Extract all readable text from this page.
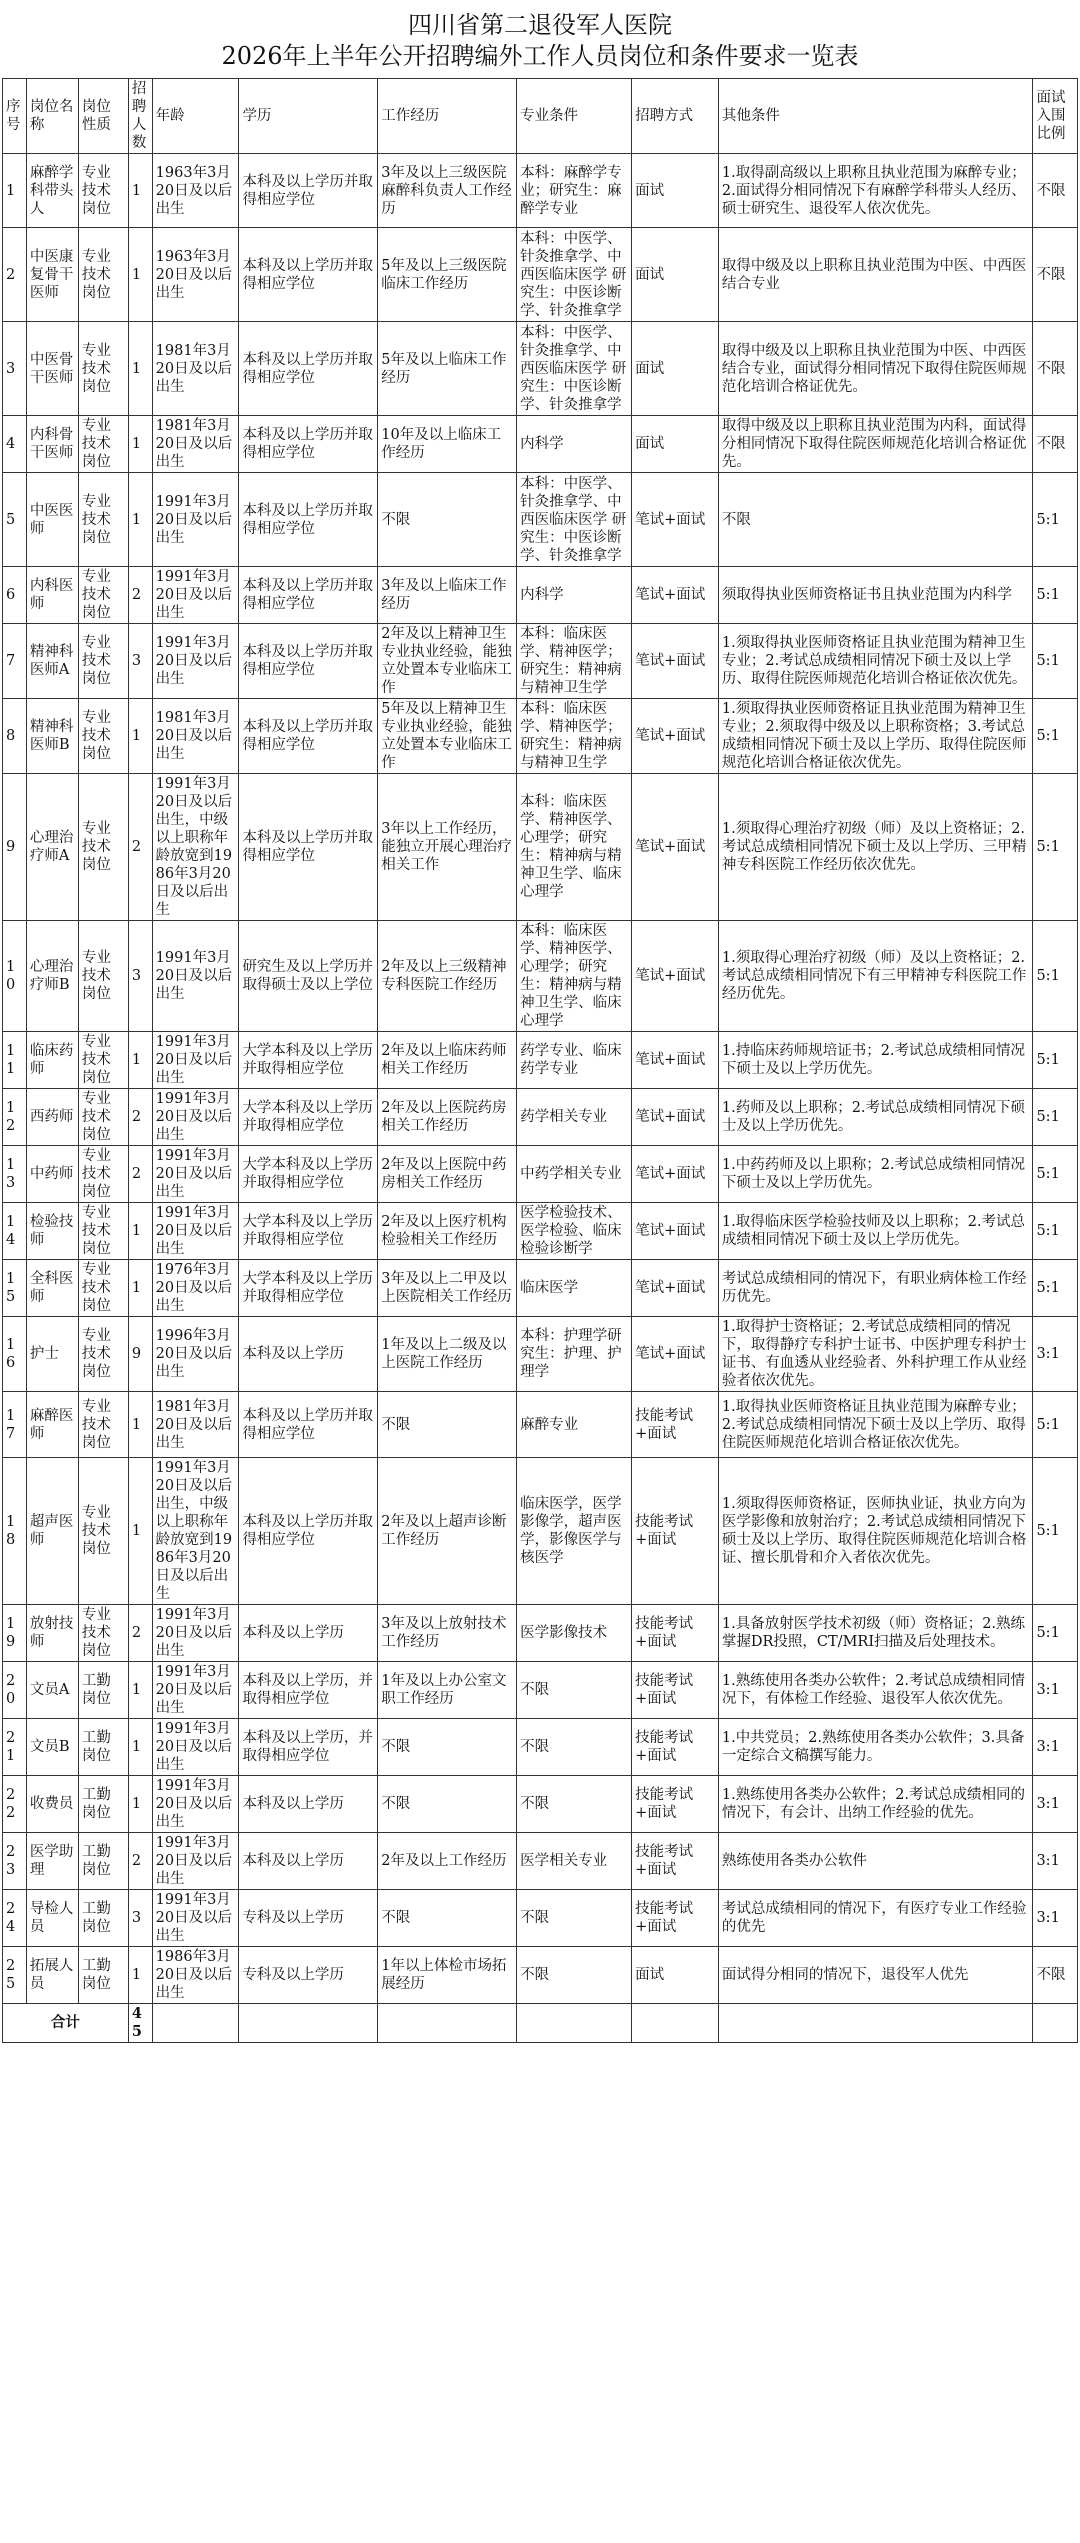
四川省第二退役军人医院
2026年上半年公开招聘编外工作人员岗位和条件要求一览表
序号	岗位名称	岗位性质	招聘人数	年龄	学历	工作经历	专业条件	招聘方式	其他条件	面试入围比例
1	麻醉学科带头人	专业技术岗位	1	1963年3月20日及以后出生	本科及以上学历并取得相应学位	3年及以上三级医院麻醉科负责人工作经历	本科：麻醉学专业；研究生：麻醉学专业	面试	1.取得副高级以上职称且执业范围为麻醉专业；2.面试得分相同情况下有麻醉学科带头人经历、硕士研究生、退役军人依次优先。	不限
2	中医康复骨干医师	专业技术岗位	1	1963年3月20日及以后出生	本科及以上学历并取得相应学位	5年及以上三级医院临床工作经历	本科：中医学、针灸推拿学、中西医临床医学 研究生：中医诊断学、针灸推拿学	面试	取得中级及以上职称且执业范围为中医、中西医结合专业	不限
3	中医骨干医师	专业技术岗位	1	1981年3月20日及以后出生	本科及以上学历并取得相应学位	5年及以上临床工作经历	本科：中医学、针灸推拿学、中西医临床医学 研究生：中医诊断学、针灸推拿学	面试	取得中级及以上职称且执业范围为中医、中西医结合专业，面试得分相同情况下取得住院医师规范化培训合格证优先。	不限
4	内科骨干医师	专业技术岗位	1	1981年3月20日及以后出生	本科及以上学历并取得相应学位	10年及以上临床工作经历	内科学	面试	取得中级及以上职称且执业范围为内科，面试得分相同情况下取得住院医师规范化培训合格证优先。	不限
5	中医医师	专业技术岗位	1	1991年3月20日及以后出生	本科及以上学历并取得相应学位	不限	本科：中医学、针灸推拿学、中西医临床医学 研究生：中医诊断学、针灸推拿学	笔试+面试	不限	5:1
6	内科医师	专业技术岗位	2	1991年3月20日及以后出生	本科及以上学历并取得相应学位	3年及以上临床工作经历	内科学	笔试+面试	须取得执业医师资格证书且执业范围为内科学	5:1
7	精神科医师A	专业技术岗位	3	1991年3月20日及以后出生	本科及以上学历并取得相应学位	2年及以上精神卫生专业执业经验，能独立处置本专业临床工作	本科：临床医学、精神医学；研究生：精神病与精神卫生学	笔试+面试	1.须取得执业医师资格证且执业范围为精神卫生专业；2.考试总成绩相同情况下硕士及以上学历、取得住院医师规范化培训合格证依次优先。	5:1
8	精神科医师B	专业技术岗位	1	1981年3月20日及以后出生	本科及以上学历并取得相应学位	5年及以上精神卫生专业执业经验，能独立处置本专业临床工作	本科：临床医学、精神医学；研究生：精神病与精神卫生学	笔试+面试	1.须取得执业医师资格证且执业范围为精神卫生专业；2.须取得中级及以上职称资格；3.考试总成绩相同情况下硕士及以上学历、取得住院医师规范化培训合格证依次优先。	5:1
9	心理治疗师A	专业技术岗位	2	1991年3月20日及以后出生，中级以上职称年龄放宽到1986年3月20日及以后出生	本科及以上学历并取得相应学位	3年以上工作经历，能独立开展心理治疗相关工作	本科：临床医学、精神医学、心理学；研究生：精神病与精神卫生学、临床心理学	笔试+面试	1.须取得心理治疗初级（师）及以上资格证；2.考试总成绩相同情况下硕士及以上学历、三甲精神专科医院工作经历依次优先。	5:1
10	心理治疗师B	专业技术岗位	3	1991年3月20日及以后出生	研究生及以上学历并取得硕士及以上学位	2年及以上三级精神专科医院工作经历	本科：临床医学、精神医学、心理学；研究生：精神病与精神卫生学、临床心理学	笔试+面试	1.须取得心理治疗初级（师）及以上资格证；2.考试总成绩相同情况下有三甲精神专科医院工作经历优先。	5:1
11	临床药师	专业技术岗位	1	1991年3月20日及以后出生	大学本科及以上学历并取得相应学位	2年及以上临床药师相关工作经历	药学专业、临床药学专业	笔试+面试	1.持临床药师规培证书；2.考试总成绩相同情况下硕士及以上学历优先。	5:1
12	西药师	专业技术岗位	2	1991年3月20日及以后出生	大学本科及以上学历并取得相应学位	2年及以上医院药房相关工作经历	药学相关专业	笔试+面试	1.药师及以上职称；2.考试总成绩相同情况下硕士及以上学历优先。	5:1
13	中药师	专业技术岗位	2	1991年3月20日及以后出生	大学本科及以上学历并取得相应学位	2年及以上医院中药房相关工作经历	中药学相关专业	笔试+面试	1.中药药师及以上职称；2.考试总成绩相同情况下硕士及以上学历优先。	5:1
14	检验技师	专业技术岗位	1	1991年3月20日及以后出生	大学本科及以上学历并取得相应学位	2年及以上医疗机构检验相关工作经历	医学检验技术、医学检验、临床检验诊断学	笔试+面试	1.取得临床医学检验技师及以上职称；2.考试总成绩相同情况下硕士及以上学历优先。	5:1
15	全科医师	专业技术岗位	1	1976年3月20日及以后出生	大学本科及以上学历并取得相应学位	3年及以上二甲及以上医院相关工作经历	临床医学	笔试+面试	考试总成绩相同的情况下，有职业病体检工作经历优先。	5:1
16	护士	专业技术岗位	9	1996年3月20日及以后出生	本科及以上学历	1年及以上二级及以上医院工作经历	本科：护理学研究生：护理、护理学	笔试+面试	1.取得护士资格证；2.考试总成绩相同的情况下，取得静疗专科护士证书、中医护理专科护士证书、有血透从业经验者、外科护理工作从业经验者依次优先。	3:1
17	麻醉医师	专业技术岗位	1	1981年3月20日及以后出生	本科及以上学历并取得相应学位	不限	麻醉专业	技能考试+面试	1.取得执业医师资格证且执业范围为麻醉专业；2.考试总成绩相同情况下硕士及以上学历、取得住院医师规范化培训合格证依次优先。	5:1
18	超声医师	专业技术岗位	1	1991年3月20日及以后出生，中级以上职称年龄放宽到1986年3月20日及以后出生	本科及以上学历并取得相应学位	2年及以上超声诊断工作经历	临床医学，医学影像学，超声医学，影像医学与核医学	技能考试+面试	1.须取得医师资格证，医师执业证，执业方向为医学影像和放射治疗；2.考试总成绩相同情况下硕士及以上学历、取得住院医师规范化培训合格证、擅长肌骨和介入者依次优先。	5:1
19	放射技师	专业技术岗位	2	1991年3月20日及以后出生	本科及以上学历	3年及以上放射技术工作经历	医学影像技术	技能考试+面试	1.具备放射医学技术初级（师）资格证；2.熟练掌握DR投照，CT/MRI扫描及后处理技术。	5:1
20	文员A	工勤岗位	1	1991年3月20日及以后出生	本科及以上学历，并取得相应学位	1年及以上办公室文职工作经历	不限	技能考试+面试	1.熟练使用各类办公软件；2.考试总成绩相同情况下，有体检工作经验、退役军人依次优先。	3:1
21	文员B	工勤岗位	1	1991年3月20日及以后出生	本科及以上学历，并取得相应学位	不限	不限	技能考试+面试	1.中共党员；2.熟练使用各类办公软件；3.具备一定综合文稿撰写能力。	3:1
22	收费员	工勤岗位	1	1991年3月20日及以后出生	本科及以上学历	不限	不限	技能考试+面试	1.熟练使用各类办公软件；2.考试总成绩相同的情况下，有会计、出纳工作经验的优先。	3:1
23	医学助理	工勤岗位	2	1991年3月20日及以后出生	本科及以上学历	2年及以上工作经历	医学相关专业	技能考试+面试	熟练使用各类办公软件	3:1
24	导检人员	工勤岗位	3	1991年3月20日及以后出生	专科及以上学历	不限	不限	技能考试+面试	考试总成绩相同的情况下，有医疗专业工作经验的优先	3:1
25	拓展人员	工勤岗位	1	1986年3月20日及以后出生	专科及以上学历	1年以上体检市场拓展经历	不限	面试	面试得分相同的情况下，退役军人优先	不限
合计			45							
